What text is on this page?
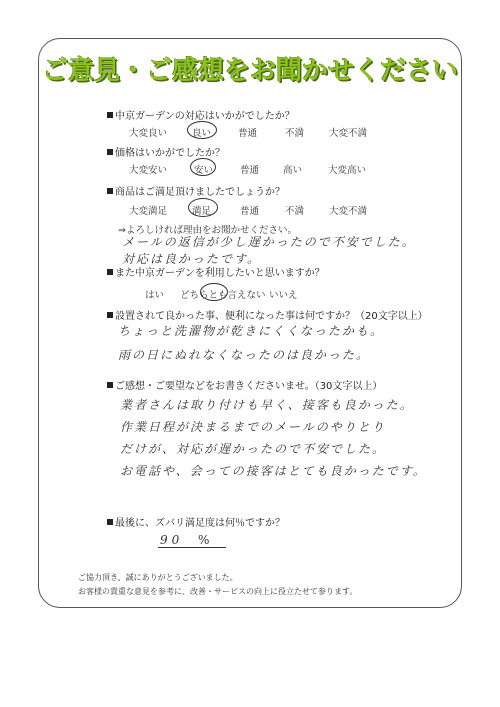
ご意見・ご感想をお聞かせください
中京ガーデンの対応はいかがでしたか？
大変良い	良い	普通	不満	大変不満
価格はいかがでしたか？
大変安い	安い	普通	高い	大変高い
商品はご満足頂けましたでしょうか？
大変満足	満足	普通	不満	大変不満
⇒よろしければ理由をお聞かせください。
メールの返信が少し遅かったので不安でした。
対応は良かったです。
また中京ガーデンを利用したいと思いますか？
はい どちらとも言えない いいえ
設置されて良かった事、便利になった事は何ですか？（20文字以上）
ちょっと洗濯物が乾きにくくなったかも。
雨の日にぬれなくなったのは良かった。
ご感想・ご要望などをお書きくださいませ。（30文字以上）
業者さんは取り付けも早く、接客も良かった。
作業日程が決まるまでのメールのやりとり
だけが、対応が遅かったので不安でした。
お電話や、会っての接客はとても良かったです。
最後に、ズバリ満足度は何％ですか？
90 %
ご協力頂き、誠にありがとうございました。
お客様の貴重な意見を参考に、改善・サービスの向上に役立たせて参ります。
